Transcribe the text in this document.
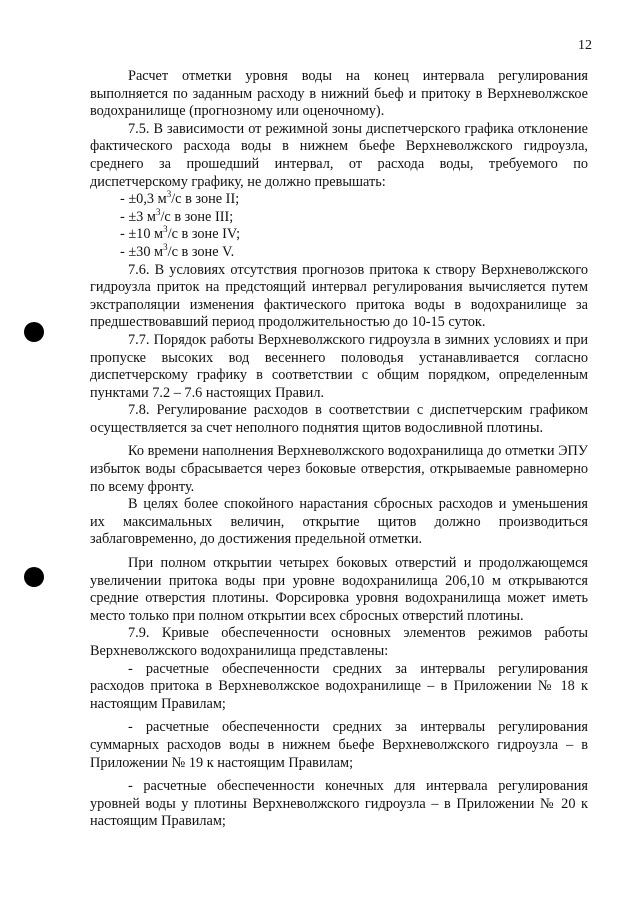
12

Расчет отметки уровня воды на конец интервала регулирования выполняется по заданным расходу в нижний бьеф и притоку в Верхневолжское водохранилище (прогнозному или оценочному).

7.5. В зависимости от режимной зоны диспетчерского графика отклонение фактического расхода воды в нижнем бьефе Верхневолжского гидроузла, среднего за прошедший интервал, от расхода воды, требуемого по диспетчерскому графику, не должно превышать:

- ±0,3 $м^3/с$ в зоне II;

- ±3 $м^3/с$ в зоне III;

- ±10 $м^3/с$ в зоне IV;

- ±30 $м^3/с$ в зоне V.

7.6. В условиях отсутствия прогнозов притока к створу Верхневолжского гидроузла приток на предстоящий интервал регулирования вычисляется путем экстраполяции изменения фактического притока воды в водохранилище за предшествовавший период продолжительностью до 10-15 суток.

7.7. Порядок работы Верхневолжского гидроузла в зимних условиях и при пропуске высоких вод весеннего половодья устанавливается согласно диспетчерскому графику в соответствии с общим порядком, определенным пунктами 7.2 – 7.6 настоящих Правил.

7.8. Регулирование расходов в соответствии с диспетчерским графиком осуществляется за счет неполного поднятия щитов водосливной плотины.

Ко времени наполнения Верхневолжского водохранилища до отметки ЭПУ избыток воды сбрасывается через боковые отверстия, открываемые равномерно по всему фронту.

В целях более спокойного нарастания сбросных расходов и уменьшения их максимальных величин, открытие щитов должно производиться заблаговременно, до достижения предельной отметки.

При полном открытии четырех боковых отверстий и продолжающемся увеличении притока воды при уровне водохранилища 206,10 м открываются средние отверстия плотины. Форсировка уровня водохранилища может иметь место только при полном открытии всех сбросных отверстий плотины.

7.9. Кривые обеспеченности основных элементов режимов работы Верхневолжского водохранилища представлены:

- расчетные обеспеченности средних за интервалы регулирования расходов притока в Верхневолжское водохранилище – в Приложении № 18 к настоящим Правилам;

- расчетные обеспеченности средних за интервалы регулирования суммарных расходов воды в нижнем бьефе Верхневолжского гидроузла – в Приложении № 19 к настоящим Правилам;

- расчетные обеспеченности конечных для интервала регулирования уровней воды у плотины Верхневолжского гидроузла – в Приложении № 20 к настоящим Правилам;
